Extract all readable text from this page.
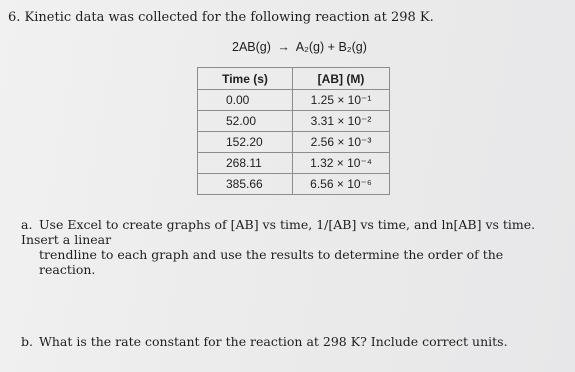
6. Kinetic data was collected for the following reaction at 298 K.
2AB(g) → A₂(g) + B₂(g)
Time (s)	[AB] (M)
0.00	1.25 × 10⁻¹
52.00	3.31 × 10⁻²
152.20	2.56 × 10⁻³
268.11	1.32 × 10⁻⁴
385.66	6.56 × 10⁻⁶
a. Use Excel to create graphs of [AB] vs time, 1/[AB] vs time, and ln[AB] vs time. Insert a linear
trendline to each graph and use the results to determine the order of the reaction.
b. What is the rate constant for the reaction at 298 K? Include correct units.
